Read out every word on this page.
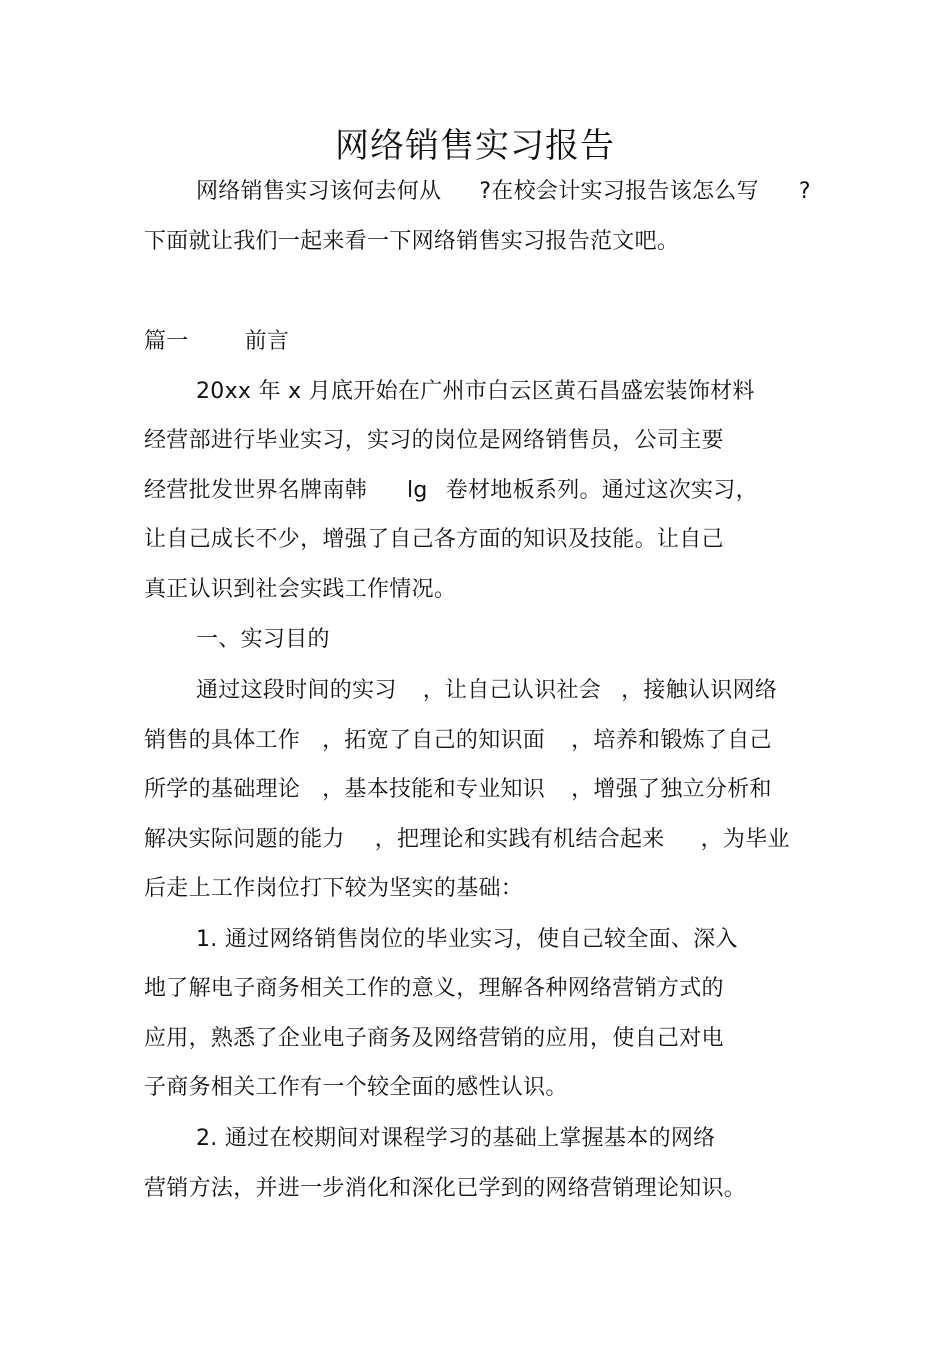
网络销售实习报告
网络销售实习该何去何从 ?在校会计实习报告该怎么写 ?
下面就让我们一起来看一下网络销售实习报告范文吧。
篇一	前言
20xx 年 x 月底开始在广州市白云区黄石昌盛宏装饰材料
经营部进行毕业实习，实习的岗位是网络销售员，公司主要
经营批发世界名牌南韩 lg 卷材地板系列。通过这次实习，
让自己成长不少，增强了自己各方面的知识及技能。让自己
真正认识到社会实践工作情况。
一、实习目的
通过这段时间的实习 ，让自己认识社会 ，接触认识网络
销售的具体工作 ，拓宽了自己的知识面 ，培养和锻炼了自己
所学的基础理论 ，基本技能和专业知识 ，增强了独立分析和
解决实际问题的能力 ，把理论和实践有机结合起来 ，为毕业
后走上工作岗位打下较为坚实的基础：
1. 通过网络销售岗位的毕业实习，使自己较全面、深入
地了解电子商务相关工作的意义，理解各种网络营销方式的
应用，熟悉了企业电子商务及网络营销的应用，使自己对电
子商务相关工作有一个较全面的感性认识。
2. 通过在校期间对课程学习的基础上掌握基本的网络
营销方法，并进一步消化和深化已学到的网络营销理论知识。
